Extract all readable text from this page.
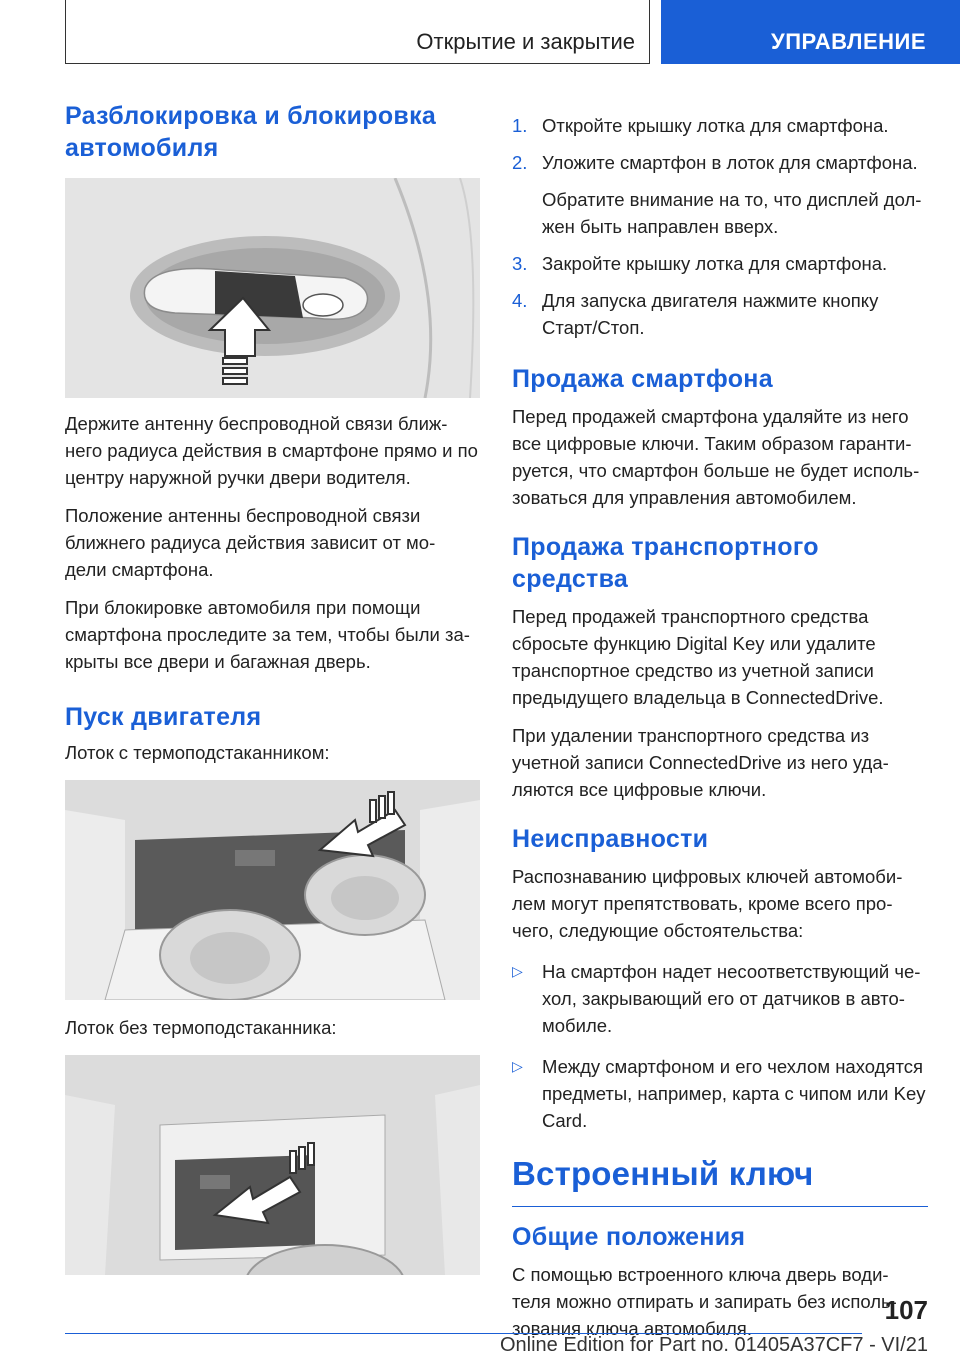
Открытие и закрытие	УПРАВЛЕНИЕ
Разблокировка и блокировка автомобиля

Держите антенну беспроводной связи ближ- него радиуса действия в смартфоне прямо и по центру наружной ручки двери водителя.

Положение антенны беспроводной связи ближнего радиуса действия зависит от мо- дели смартфона.

При блокировке автомобиля при помощи смартфона проследите за тем, чтобы были за- крыты все двери и багажная дверь.

Пуск двигателя

Лоток с термоподстаканником:

Лоток без термоподстаканника:

1. Откройте крышку лотка для смартфона.
2. Уложите смартфон в лоток для смартфона.
Обратите внимание на то, что дисплей дол- жен быть направлен вверх.
3. Закройте крышку лотка для смартфона.
4. Для запуска двигателя нажмите кнопку Старт/Стоп.
Продажа смартфона

Перед продажей смартфона удаляйте из него все цифровые ключи. Таким образом гаранти- руется, что смартфон больше не будет исполь- зоваться для управления автомобилем.

Продажа транспортного средства

Перед продажей транспортного средства сбросьте функцию Digital Key или удалите транспортное средство из учетной записи предыдущего владельца в ConnectedDrive.

При удалении транспортного средства из учетной записи ConnectedDrive из него уда- ляются все цифровые ключи.

Неисправности

Распознаванию цифровых ключей автомоби- лем могут препятствовать, кроме всего про- чего, следующие обстоятельства:

▷ На смартфон надет несоответствующий че- хол, закрывающий его от датчиков в авто- мобиле.
▷ Между смартфоном и его чехлом находятся предметы, например, карта с чипом или Key Card.
Встроенный ключ
Общие положения

С помощью встроенного ключа дверь води- теля можно отпирать и запирать без исполь- зования ключа автомобиля.

107
Online Edition for Part no. 01405A37CF7 - VI/21
